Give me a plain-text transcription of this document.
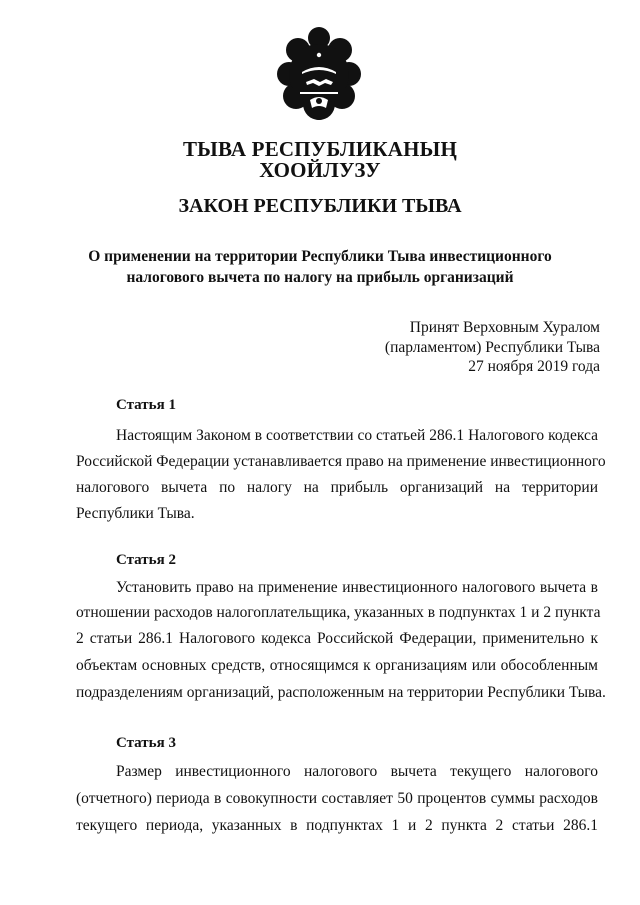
ТЫВА РЕСПУБЛИКАНЫҢ
ХООЙЛУЗУ
ЗАКОН РЕСПУБЛИКИ ТЫВА
О применении на территории Республики Тыва инвестиционного
налогового вычета по налогу на прибыль организаций
Принят Верховным Хуралом
(парламентом) Республики Тыва
27 ноября 2019 года
Статья 1
Настоящим Законом в соответствии со статьей 286.1 Налогового кодекса
Российской Федерации устанавливается право на применение инвестиционного
налогового вычета по налогу на прибыль организаций на территории
Республики Тыва.
Статья 2
Установить право на применение инвестиционного налогового вычета в
отношении расходов налогоплательщика, указанных в подпунктах 1 и 2 пункта
2 статьи 286.1 Налогового кодекса Российской Федерации, применительно к
объектам основных средств, относящимся к организациям или обособленным
подразделениям организаций, расположенным на территории Республики Тыва.
Статья 3
Размер инвестиционного налогового вычета текущего налогового
(отчетного) периода в совокупности составляет 50 процентов суммы расходов
текущего периода, указанных в подпунктах 1 и 2 пункта 2 статьи 286.1
